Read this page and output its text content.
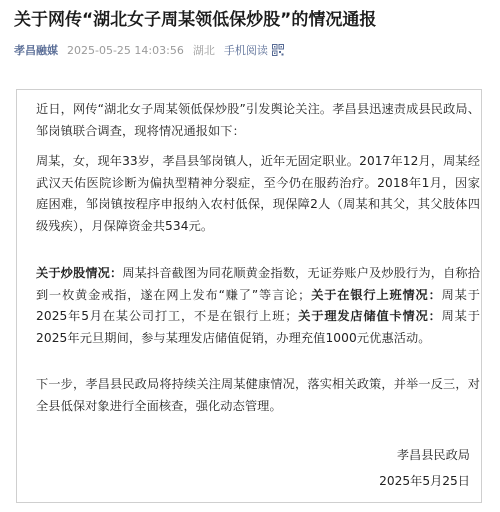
关于网传“湖北女子周某领低保炒股”的情况通报
孝昌融媒 2025-05-25 14:03:56 湖北 手机阅读
近日，网传“湖北女子周某领低保炒股”引发舆论关注。孝昌县迅速责成县民政局、邹岗镇联合调查，现将情况通报如下：
周某，女，现年33岁，孝昌县邹岗镇人，近年无固定职业。2017年12月，周某经武汉天佑医院诊断为偏执型精神分裂症，至今仍在服药治疗。2018年1月，因家庭困难，邹岗镇按程序申报纳入农村低保，现保障2人（周某和其父，其父肢体四级残疾），月保障资金共534元。
关于炒股情况：周某抖音截图为同花顺黄金指数，无证券账户及炒股行为，自称拾到一枚黄金戒指，遂在网上发布“赚了”等言论；关于在银行上班情况：周某于2025年5月在某公司打工，不是在银行上班；关于理发店储值卡情况：周某于2025年元旦期间，参与某理发店储值促销，办理充值1000元优惠活动。
下一步，孝昌县民政局将持续关注周某健康情况，落实相关政策，并举一反三，对全县低保对象进行全面核查，强化动态管理。
孝昌县民政局
2025年5月25日
